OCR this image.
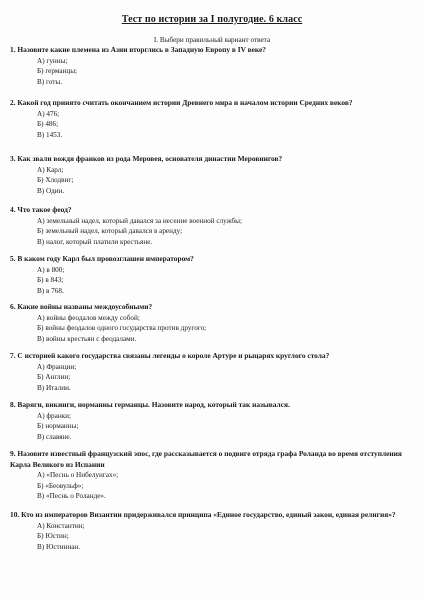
Тест по истории за I полугодие. 6 класс
I. Выбери правильный вариант ответа
1. Назовите какие племена из Азии вторглись в Западную Европу в IV веке?
А) гунны;
Б) германцы;
В) готы.
2. Какой год принято считать окончанием истории Древнего мира и началом истории Средних веков?
А) 476;
Б) 486;
В) 1453.
3. Как звали вождя франков из рода Меровея, основателя династии Меровингов?
А) Карл;
Б) Хлодвиг;
В) Один.
4. Что такое феод?
А) земельный надел, который давался за несение военной службы;
Б) земельный надел, который давался в аренду;
В) налог, который платили крестьяне.
5. В каком году Карл был провозглашен императором?
А) в 800;
Б) в 843;
В) в 768.
6. Какие войны названы междоусобными?
А) войны феодалов между собой;
Б) войны феодалов одного государства против другого;
В) войны крестьян с феодалами.
7. С историей какого государства связаны легенды о короле Артуре и рыцарях круглого стола?
А) Франции;
Б) Англии;
В) Италии.
8. Варяги, викинги, норманны германцы. Назовите народ, который так назывался.
А) франки;
Б) норманны;
В) славяне.
9. Назовите известный французский эпос, где рассказывается о подвиге отряда графа Роланда во время отступления Карла Великого из Испании
А) «Песнь о Нибелунгах»;
Б) «Беовульф»;
В) «Песнь о Роланде».
10. Кто из императоров Византии придерживался принципа «Единое государство, единый закон, единая религия»?
А) Константин;
Б) Юстин;
В) Юстиниан.
